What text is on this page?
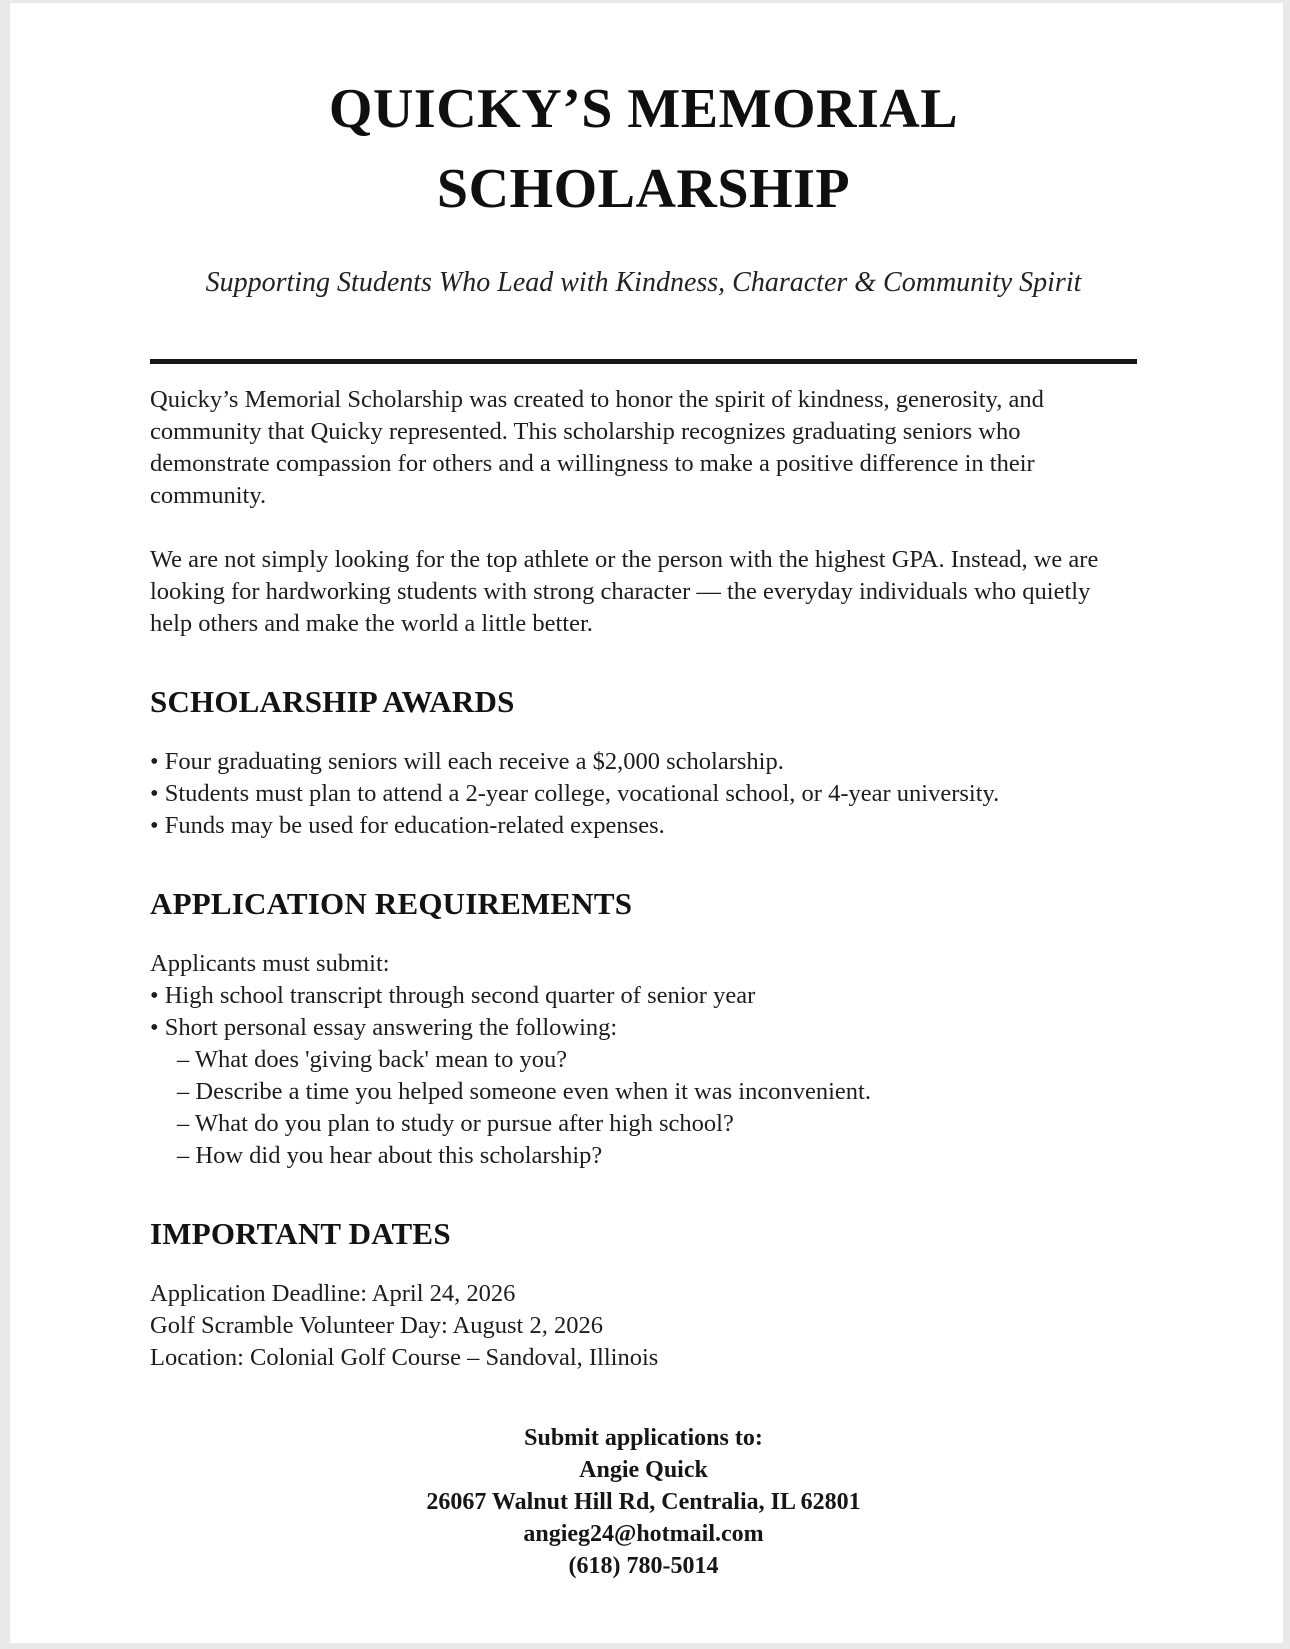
QUICKY’S MEMORIAL
SCHOLARSHIP
Supporting Students Who Lead with Kindness, Character & Community Spirit

Quicky’s Memorial Scholarship was created to honor the spirit of kindness, generosity, and community that Quicky represented. This scholarship recognizes graduating seniors who demonstrate compassion for others and a willingness to make a positive difference in their community.

We are not simply looking for the top athlete or the person with the highest GPA. Instead, we are looking for hardworking students with strong character — the everyday individuals who quietly help others and make the world a little better.

SCHOLARSHIP AWARDS
• Four graduating seniors will each receive a $2,000 scholarship.
• Students must plan to attend a 2-year college, vocational school, or 4-year university.
• Funds may be used for education-related expenses.
APPLICATION REQUIREMENTS
Applicants must submit:
• High school transcript through second quarter of senior year
• Short personal essay answering the following:
– What does 'giving back' mean to you?
– Describe a time you helped someone even when it was inconvenient.
– What do you plan to study or pursue after high school?
– How did you hear about this scholarship?
IMPORTANT DATES
Application Deadline: April 24, 2026
Golf Scramble Volunteer Day: August 2, 2026
Location: Colonial Golf Course – Sandoval, Illinois
Submit applications to:
Angie Quick
26067 Walnut Hill Rd, Centralia, IL 62801
angieg24@hotmail.com
(618) 780-5014
